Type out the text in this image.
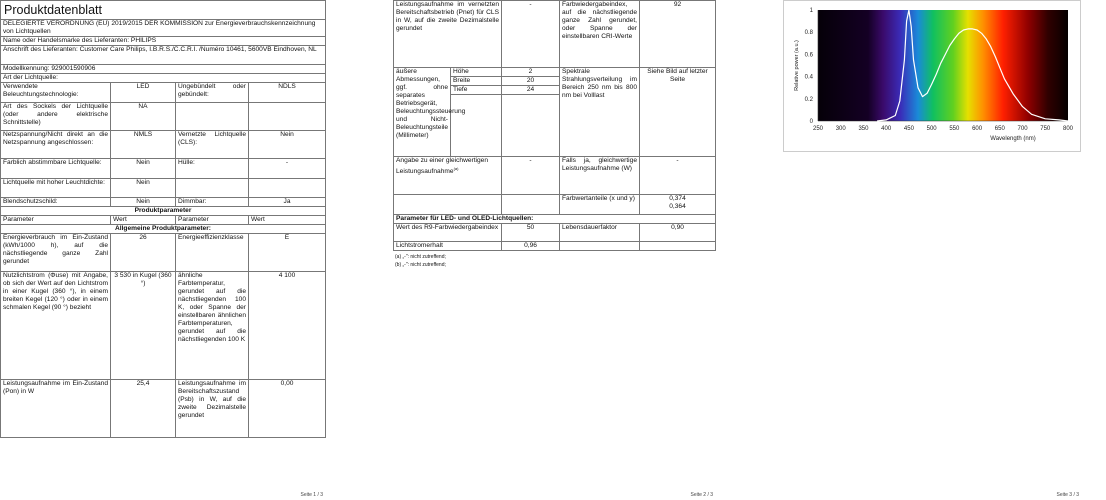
Produktdatenblatt			
DELEGIERTE VERORDNUNG (EU) 2019/2015 DER KOMMISSION zur Energieverbrauchskennzeichnung von Lichtquellen			
Name oder Handelsmarke des Lieferanten: PHILIPS			
Anschrift des Lieferanten: Customer Care Philips, I.B.R.S./C.C.R.I. /Numéro 10461, 5600VB Eindhoven, NL			
Modellkennung: 929001590906			
Art der Lichtquelle:			
Verwendete Beleuchtungstechnologie:	LED	Ungebündelt oder gebündelt:	NDLS
Art des Sockels der Lichtquelle (oder andere elektrische Schnittstelle)	NA		
Netzspannung/Nicht direkt an die Netzspannung angeschlossen:	NMLS	Vernetzte Lichtquelle (CLS):	Nein
Farblich abstimmbare Lichtquelle:	Nein	Hülle:	-
Lichtquelle mit hoher Leuchtdichte:	Nein		
Blendschutzschild:	Nein	Dimmbar:	Ja
Produktparameter			
Parameter	Wert	Parameter	Wert
Allgemeine Produktparameter:			
Energieverbrauch im Ein-Zustand (kWh/1000 h), auf die nächstliegende ganze Zahl gerundet	26	Energieeffizienzklasse	E
Nutzlichtstrom (Φuse) mit Angabe, ob sich der Wert auf den Lichtstrom in einer Kugel (360 °), in einem breiten Kegel (120 °) oder in einem schmalen Kegel (90 °) bezieht	3 530 in Kugel (360 °)	ähnliche Farbtemperatur, gerundet auf die nächstliegenden 100 K, oder Spanne der einstellbaren ähnlichen Farbtemperaturen, gerundet auf die nächstliegenden 100 K	4 100
Leistungsaufnahme im Ein-Zustand (Pon) in W	25,4	Leistungsaufnahme im Bereitschaftszustand (Psb) in W, auf die zweite Dezimalstelle gerundet	0,00
Seite 1 / 3
Leistungsaufnahme im vernetzten Bereitschaftsbetrieb (Pnet) für CLS in W, auf die zweite Dezimalstelle gerundet		-	Farbwiedergabeindex, auf die nächstliegende ganze Zahl gerundet, oder Spanne der einstellbaren CRI-Werte	92
äußere Abmessungen, ggf. ohne separates Betriebsgerät, Beleuchtungssteuerung und Nicht-Beleuchtungsteile (Millimeter)	Höhe	2	Spektrale Strahlungsverteilung im Bereich 250 nm bis 800 nm bei Volllast	Siehe Bild auf letzter Seite
	Breite	20		
	Tiefe	24		

Angabe zu einer gleichwertigen Leistungsaufnahme$^{(a)}$		-	Falls ja, gleichwertige Leistungsaufnahme (W)	-
			Farbwertanteile (x und y)	0,374
0,364

Parameter für LED- und OLED-Lichtquellen:				
Wert des R9-Farbwiedergabeindex		50	Lebensdauerfaktor	0,90
Lichtstromerhalt		0,96		
(a) „-": nicht zutreffend;
(b) „-": nicht zutreffend;
Seite 2 / 3
250 300 350 400 450 500 550 600 650 700 750 800
0
0.2
0.4
0.6
0.8
1
Wavelength (nm)
Relative power (a.u.)
Seite 3 / 3
